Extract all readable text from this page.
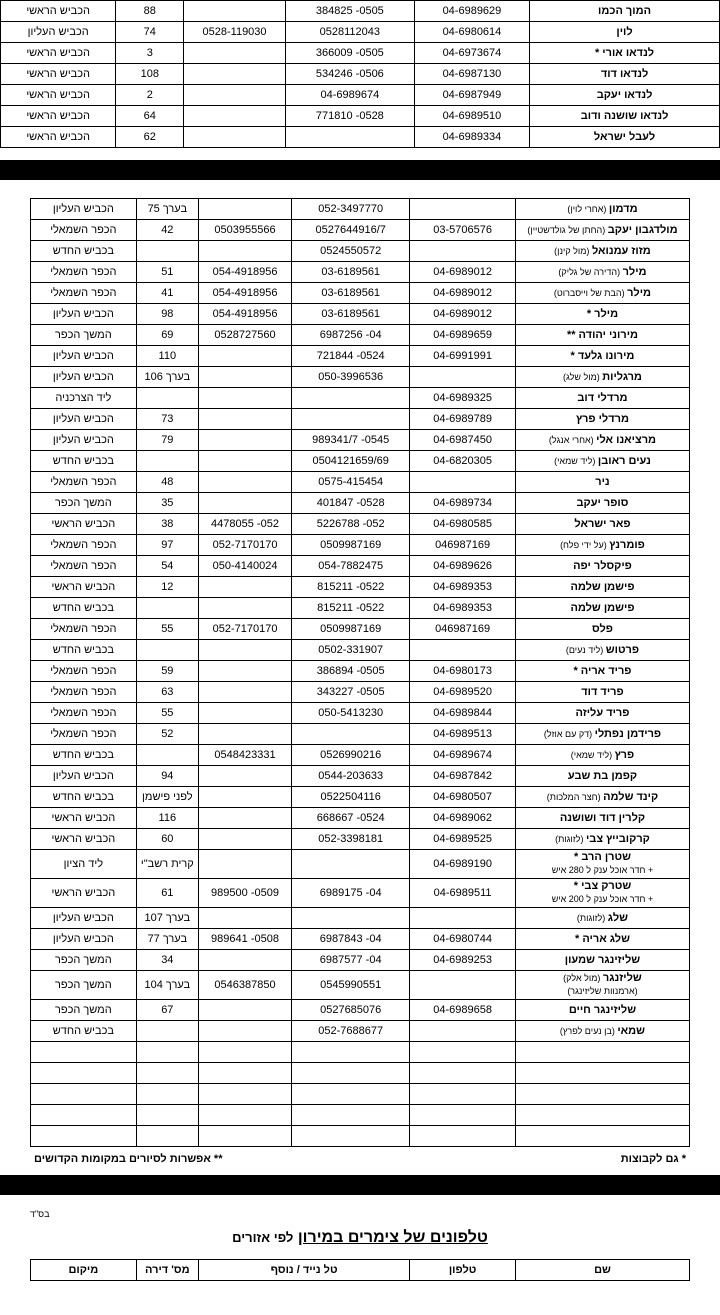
המוך הכמו	04-6989629	0505- 384825		88	הכביש הראשי
לוין	04-6980614	0528112043	0528-119030	74	הכביש העליון
לנדאו אורי *	04-6973674	0505- 366009		3	הכביש הראשי
לנדאו דוד	04-6987130	0506- 534246		108	הכביש הראשי
לנדאו יעקב	04-6987949	04-6989674		2	הכביש הראשי
לנדאו שושנה ודוב	04-6989510	0528- 771810		64	הכביש הראשי
לעבל ישראל	04-6989334			62	הכביש הראשי
מדמון (אחרי לוין)		052-3497770		בערך 75	הכביש העליון
מולדגבון יעקב (החתן של גולדשטיין)	03-5706576	0527644916/7	0503955566	42	הכפר השמאלי
מזוז עמנואל (מול קינן)		0524550572			בכביש החדש
מילר (הדירה של גליק)	04-6989012	03-6189561	054-4918956	51	הכפר השמאלי
מילר (הבת של וייסברוט)	04-6989012	03-6189561	054-4918956	41	הכפר השמאלי
מילר *	04-6989012	03-6189561	054-4918956	98	הכביש העליון
מירוני יהודה **	04-6989659	04- 6987256	0528727560	69	המשך הכפר
מירונו גלעד *	04-6991991	0524- 721844		110	הכביש העליון
מרגליות (מול שלג)		050-3996536		בערך 106	הכביש העליון
מרדלי דוב	04-6989325				ליד הצרכניה
מרדלי פרץ	04-6989789			73	הכביש העליון
מרציאנו אלי (אחרי אנגל)	04-6987450	0545- 989341/7		79	הכביש העליון
נעים ראובן (ליד שמאי)	04-6820305	0504121659/69			בכביש החדש
ניר		0575-415454		48	הכפר השמאלי
סופר יעקב	04-6989734	0528- 401847		35	המשך הכפר
פאר ישראל	04-6980585	052- 5226788	052- 4478055	38	הכביש הראשי
פומרנץ (על ידי פלח)	046987169	0509987169	052-7170170	97	הכפר השמאלי
פיקסלר יפה	04-6989626	054-7882475	050-4140024	54	הכפר השמאלי
פישמן שלמה	04-6989353	0522- 815211		12	הכביש הראשי
פישמן שלמה	04-6989353	0522- 815211			בכביש החדש
פלס	046987169	0509987169	052-7170170	55	הכפר השמאלי
פרטוש (ליד נעים)		0502-331907			בכביש החדש
פריד אריה *	04-6980173	0505- 386894		59	הכפר השמאלי
פריד דוד	04-6989520	0505- 343227		63	הכפר השמאלי
פריד עליזה	04-6989844	050-5413230		55	הכפר השמאלי
פרידמן נפתלי (דק עם אוזל)	04-6989513			52	הכפר השמאלי
פרץ (ליד שמאי)	04-6989674	0526990216	0548423331		בכביש החדש
קפמן בת שבע	04-6987842	0544-203633		94	הכביש העליון
קינד שלמה (חצר המלכות)	04-6980507	0522504116		לפני פישמן	בכביש החדש
קלרין דוד ושושנה	04-6989062	0524- 668667		116	הכביש הראשי
קרקובייץ צבי (לזוגות)	04-6989525	052-3398181		60	הכביש הראשי
שטרן הרב *
+ חדר אוכל ענק ל 280 איש	04-6989190			קרית רשב"י	ליד הציון
שטרק צבי *
+ חדר אוכל ענק ל 200 איש	04-6989511	04- 6989175	0509- 989500	61	הכביש הראשי
שלג (לזוגות)				בערך 107	הכביש העליון
שלג אריה *	04-6980744	04- 6987843	0508- 989641	בערך 77	הכביש העליון
שליזינגר שמעון	04-6989253	04- 6987577		34	המשך הכפר
שליזנגר (מול אלק)
(ארמנוות שליזינגר)		0545990551	0546387850	בערך 104	המשך הכפר
שליזינגר חיים	04-6989658	0527685076		67	המשך הכפר
שמאי (בן נעים לפרץ)		052-7688677			בכביש החדש

* גם לקבוצות
** אפשרות לסיורים במקומות הקדושים
בס"ד
טלפונים של צימרים במירון לפי אזורים
שם	טלפון	טל נייד / נוסף	מס' דירה	מיקום
